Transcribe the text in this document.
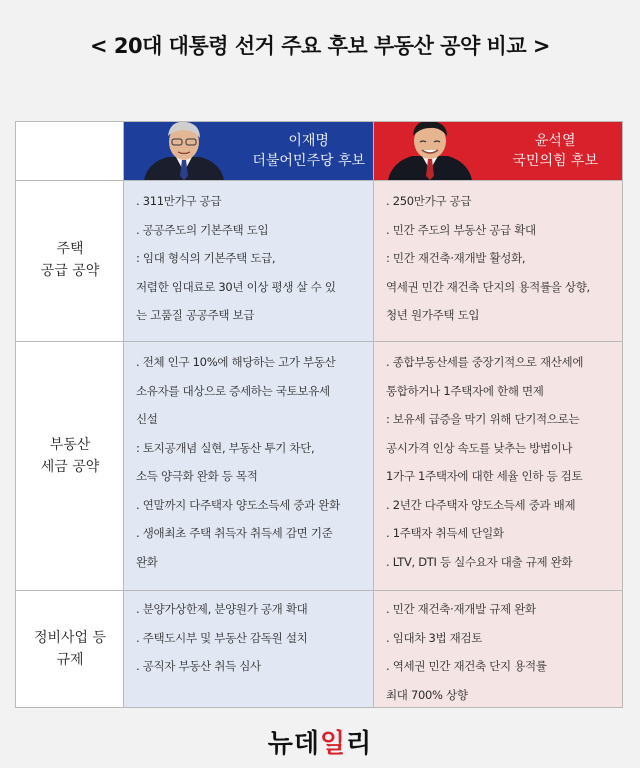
< 20대 대통령 선거 주요 후보 부동산 공약 비교 >
이재명
더불어민주당 후보
윤석열
국민의힘 후보
주택
공급 공약
. 311만가구 공급
. 공공주도의 기본주택 도입
: 임대 형식의 기본주택 도급,
저렴한 임대료로 30년 이상 평생 살 수 있
는 고품질 공공주택 보급
. 250만가구 공급
. 민간 주도의 부동산 공급 확대
: 민간 재건축·재개발 활성화,
역세권 민간 재건축 단지의 용적률을 상향,
청년 원가주택 도입
부동산
세금 공약
. 전체 인구 10%에 해당하는 고가 부동산
소유자를 대상으로 증세하는 국토보유세
신설
: 토지공개념 실현, 부동산 투기 차단,
소득 양극화 완화 등 목적
. 연말까지 다주택자 양도소득세 중과 완화
. 생애최초 주택 취득자 취득세 감면 기준
완화
. 종합부동산세를 중장기적으로 재산세에
통합하거나 1주택자에 한해 면제
: 보유세 급증을 막기 위해 단기적으로는
공시가격 인상 속도를 낮추는 방법이나
1가구 1주택자에 대한 세율 인하 등 검토
. 2년간 다주택자 양도소득세 중과 배제
. 1주택자 취득세 단일화
. LTV, DTI 등 실수요자 대출 규제 완화
정비사업 등
규제
. 분양가상한제, 분양원가 공개 확대
. 주택도시부 및 부동산 감독원 설치
. 공직자 부동산 취득 심사
. 민간 재건축·재개발 규제 완화
. 임대차 3법 재검토
. 역세권 민간 재건축 단지 용적률
최대 700% 상향
뉴데일리
